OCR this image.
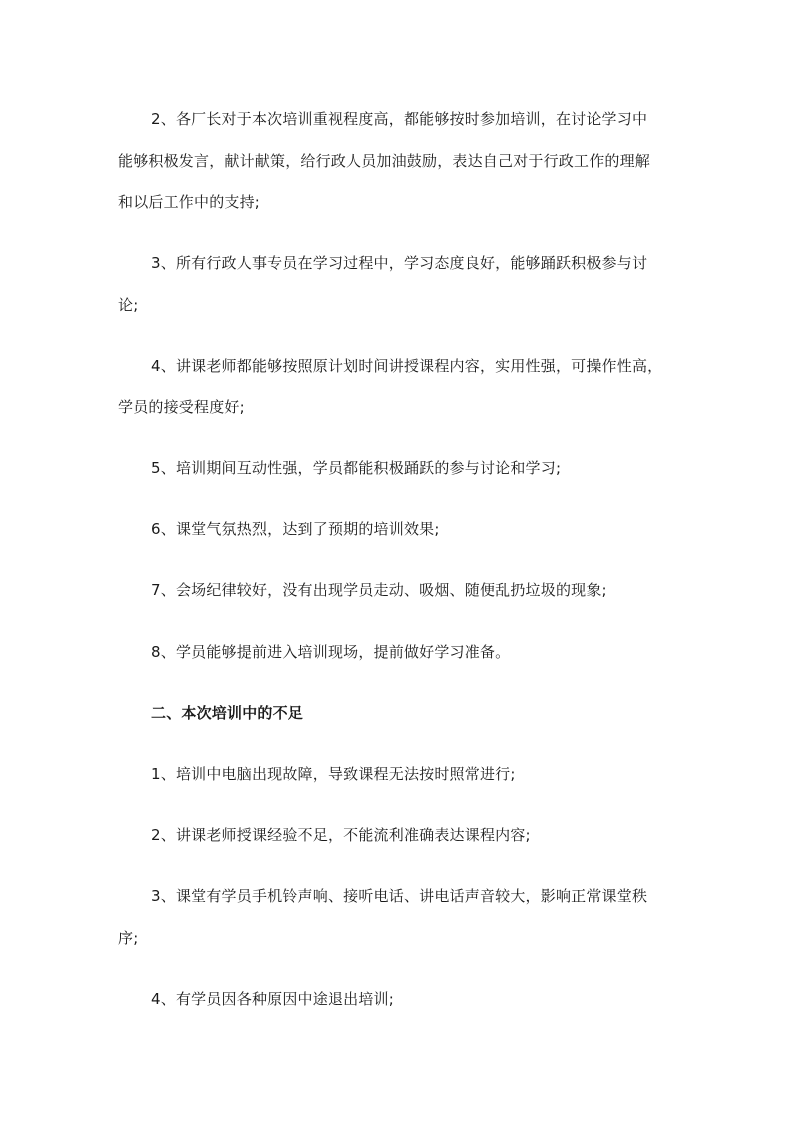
2、各厂长对于本次培训重视程度高，都能够按时参加培训，在讨论学习中
能够积极发言，献计献策，给行政人员加油鼓励，表达自己对于行政工作的理解
和以后工作中的支持;
3、所有行政人事专员在学习过程中，学习态度良好，能够踊跃积极参与讨
论;
4、讲课老师都能够按照原计划时间讲授课程内容，实用性强，可操作性高，
学员的接受程度好;
5、培训期间互动性强，学员都能积极踊跃的参与讨论和学习;
6、课堂气氛热烈，达到了预期的培训效果;
7、会场纪律较好，没有出现学员走动、吸烟、随便乱扔垃圾的现象;
8、学员能够提前进入培训现场，提前做好学习准备。
二、本次培训中的不足
1、培训中电脑出现故障，导致课程无法按时照常进行;
2、讲课老师授课经验不足，不能流利准确表达课程内容;
3、课堂有学员手机铃声响、接听电话、讲电话声音较大，影响正常课堂秩
序;
4、有学员因各种原因中途退出培训;
